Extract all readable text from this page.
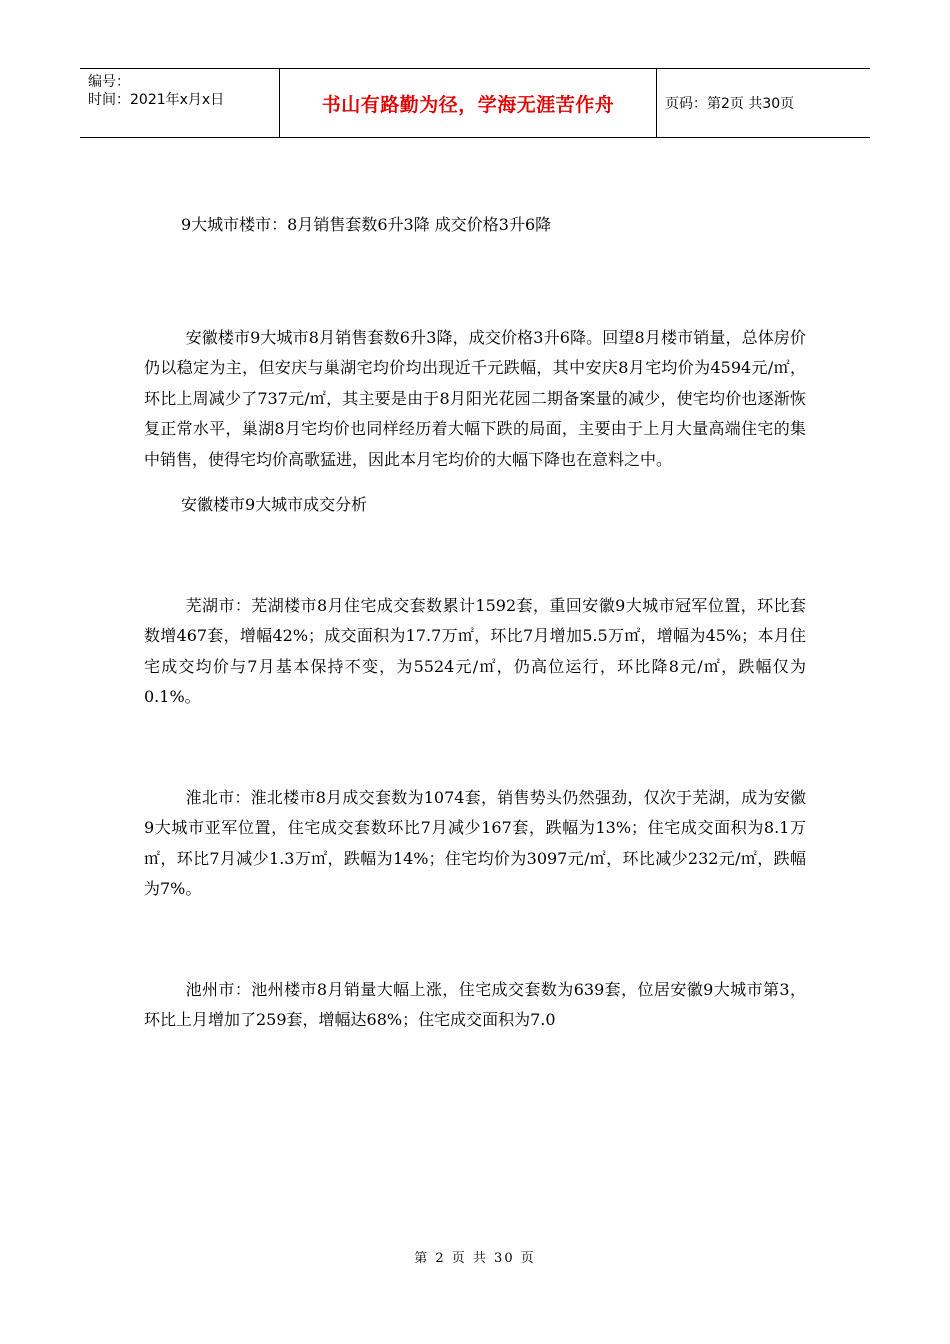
编号：
时间：2021年x月x日	书山有路勤为径，学海无涯苦作舟	页码：第2页 共30页

9大城市楼市：8月销售套数6升3降 成交价格3升6降

安徽楼市9大城市8月销售套数6升3降，成交价格3升6降。回望8月楼市销量，总体房价仍以稳定为主，但安庆与巢湖宅均价均出现近千元跌幅，其中安庆8月宅均价为4594元/㎡，环比上周减少了737元/㎡，其主要是由于8月阳光花园二期备案量的减少，使宅均价也逐渐恢复正常水平，巢湖8月宅均价也同样经历着大幅下跌的局面，主要由于上月大量高端住宅的集中销售，使得宅均价高歌猛进，因此本月宅均价的大幅下降也在意料之中。

安徽楼市9大城市成交分析

芜湖市：芜湖楼市8月住宅成交套数累计1592套，重回安徽9大城市冠军位置，环比套数增467套，增幅42%；成交面积为17.7万㎡，环比7月增加5.5万㎡，增幅为45%；本月住宅成交均价与7月基本保持不变，为5524元/㎡，仍高位运行，环比降8元/㎡，跌幅仅为0.1%。

淮北市：淮北楼市8月成交套数为1074套，销售势头仍然强劲，仅次于芜湖，成为安徽9大城市亚军位置，住宅成交套数环比7月减少167套，跌幅为13%；住宅成交面积为8.1万㎡，环比7月减少1.3万㎡，跌幅为14%；住宅均价为3097元/㎡，环比减少232元/㎡，跌幅为7%。

池州市：池州楼市8月销量大幅上涨，住宅成交套数为639套，位居安徽9大城市第3，环比上月增加了259套，增幅达68%；住宅成交面积为7.0

第 2 页 共 30 页
